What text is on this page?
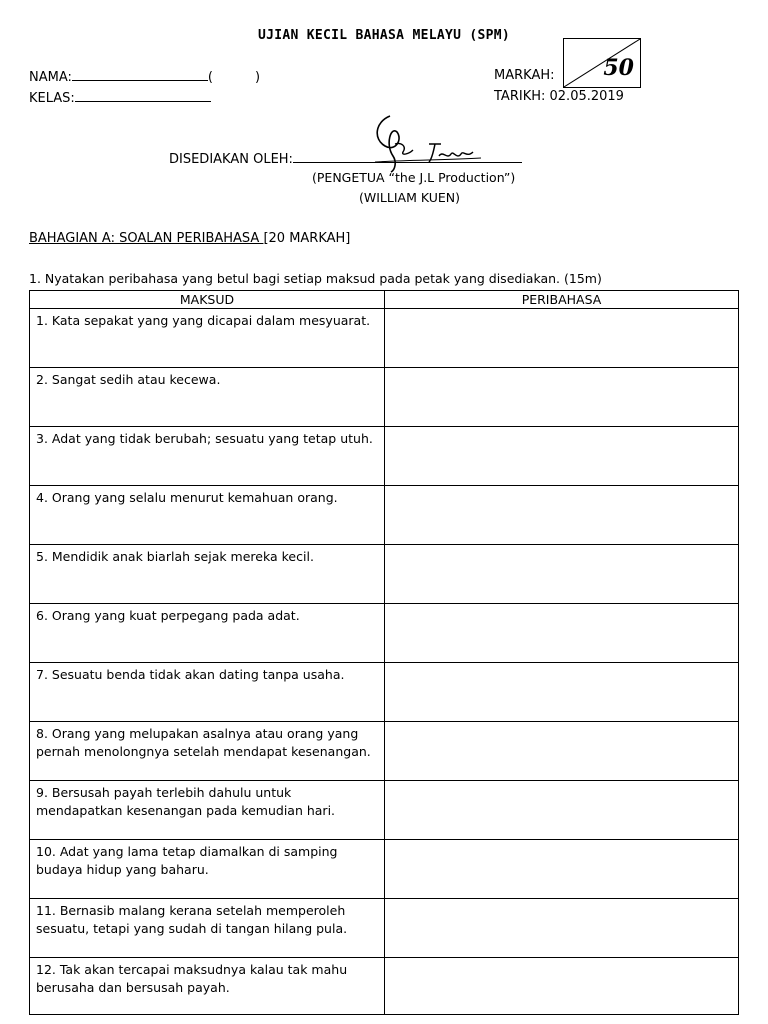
UJIAN KECIL BAHASA MELAYU (SPM)
NAMA:	(	)
KELAS:
MARKAH: 50
TARIKH: 02.05.2019
DISEDIAKAN OLEH:
(PENGETUA “the J.L Production”)
(WILLIAM KUEN)
BAHAGIAN A: SOALAN PERIBAHASA [20 MARKAH]
1. Nyatakan peribahasa yang betul bagi setiap maksud pada petak yang disediakan. (15m)
MAKSUD	PERIBAHASA
1. Kata sepakat yang yang dicapai dalam mesyuarat.	
2. Sangat sedih atau kecewa.	
3. Adat yang tidak berubah; sesuatu yang tetap utuh.	
4. Orang yang selalu menurut kemahuan orang.	
5. Mendidik anak biarlah sejak mereka kecil.	
6. Orang yang kuat perpegang pada adat.	
7. Sesuatu benda tidak akan dating tanpa usaha.	
8. Orang yang melupakan asalnya atau orang yang pernah menolongnya setelah mendapat kesenangan.	
9. Bersusah payah terlebih dahulu untuk mendapatkan kesenangan pada kemudian hari.	
10. Adat yang lama tetap diamalkan di samping budaya hidup yang baharu.	
11. Bernasib malang kerana setelah memperoleh sesuatu, tetapi yang sudah di tangan hilang pula.	
12. Tak akan tercapai maksudnya kalau tak mahu berusaha dan bersusah payah.	
